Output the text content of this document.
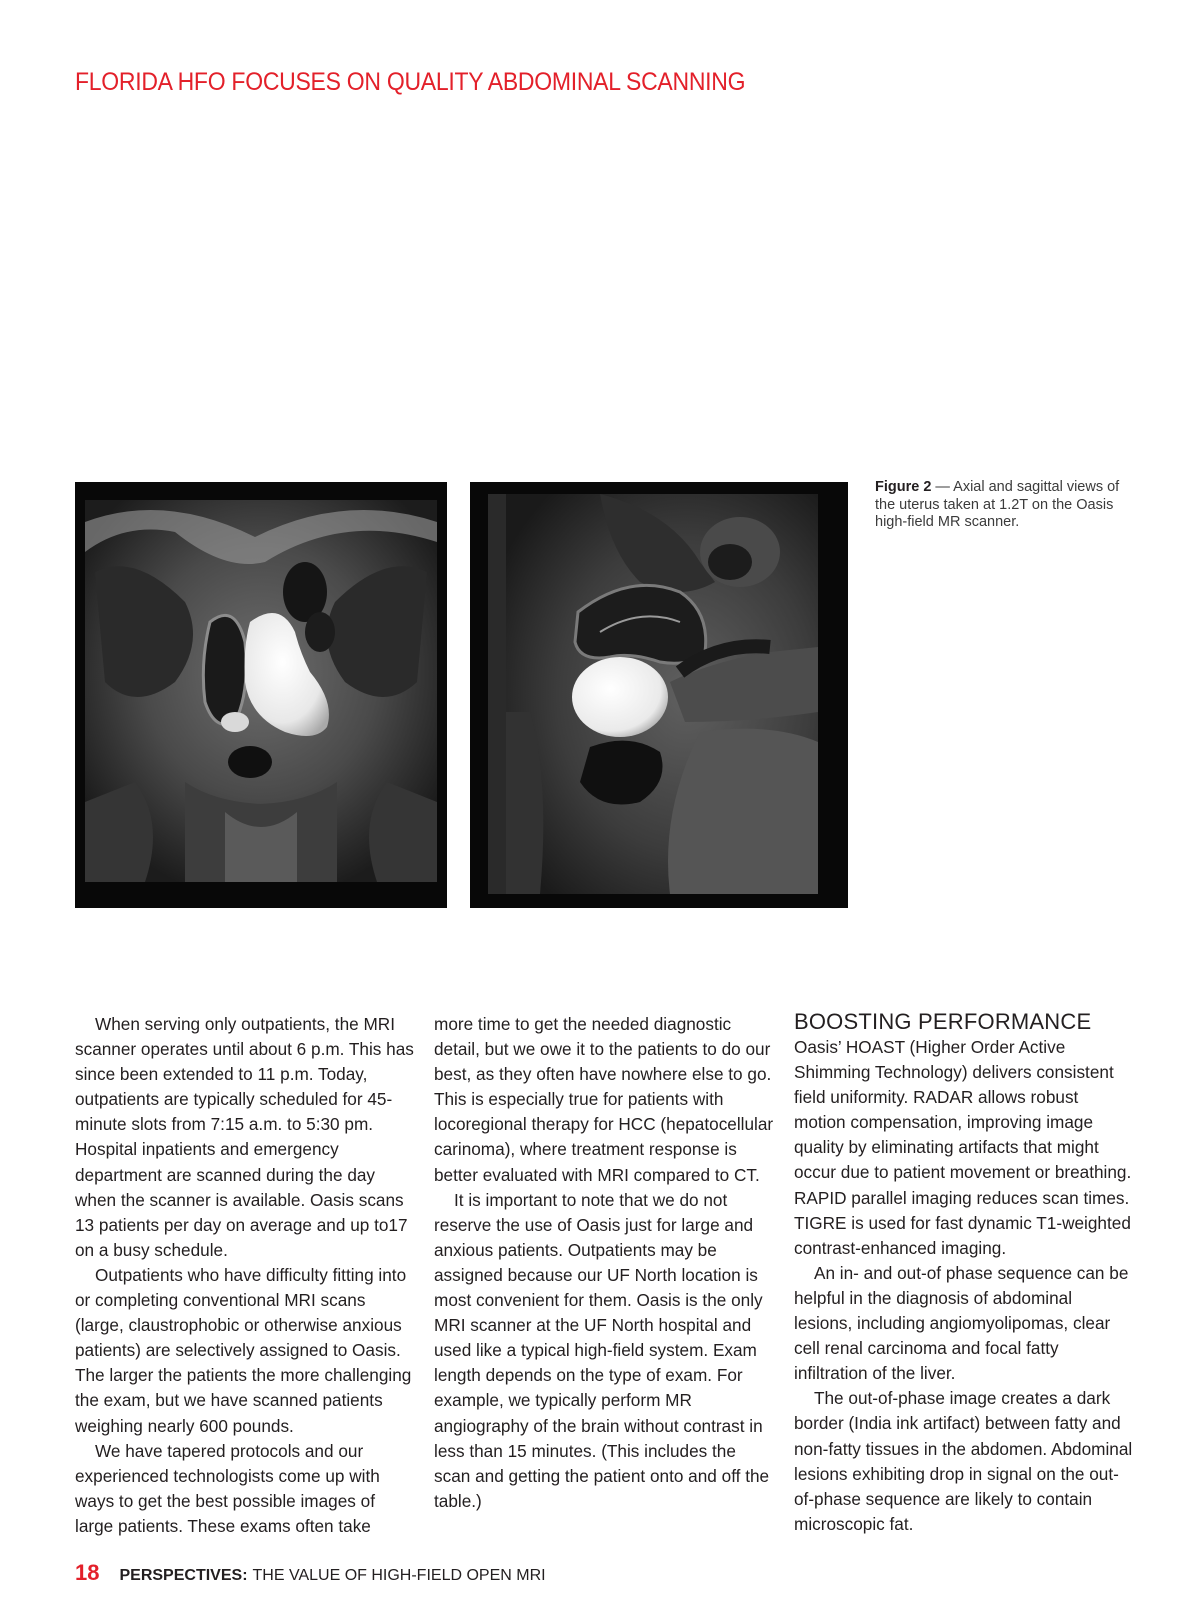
FLORIDA HFO FOCUSES ON QUALITY ABDOMINAL SCANNING

Figure 2 — Axial and sagittal views of the uterus taken at 1.2T on the Oasis high-field MR scanner.

When serving only outpatients, the MRI scanner operates until about 6 p.m. This has since been extended to 11 p.m. Today, outpatients are typically scheduled for 45-minute slots from 7:15 a.m. to 5:30 pm. Hospital inpatients and emergency department are scanned during the day when the scanner is available. Oasis scans 13 patients per day on average and up to17 on a busy schedule.

Outpatients who have difficulty fitting into or completing conventional MRI scans (large, claustrophobic or otherwise anxious patients) are selectively assigned to Oasis. The larger the patients the more challenging the exam, but we have scanned patients weighing nearly 600 pounds.

We have tapered protocols and our experienced technologists come up with ways to get the best possible images of large patients. These exams often take

more time to get the needed diagnostic detail, but we owe it to the patients to do our best, as they often have nowhere else to go. This is especially true for patients with locoregional therapy for HCC (hepatocellular carinoma), where treatment response is better evaluated with MRI compared to CT.

It is important to note that we do not reserve the use of Oasis just for large and anxious patients. Outpatients may be assigned because our UF North location is most convenient for them. Oasis is the only MRI scanner at the UF North hospital and used like a typical high-field system. Exam length depends on the type of exam. For example, we typically perform MR angiography of the brain without contrast in less than 15 minutes. (This includes the scan and getting the patient onto and off the table.)

BOOSTING PERFORMANCE

Oasis’ HOAST (Higher Order Active Shimming Technology) delivers consistent field uniformity. RADAR allows robust motion compensation, improving image quality by eliminating artifacts that might occur due to patient movement or breathing. RAPID parallel imaging reduces scan times. TIGRE is used for fast dynamic T1-weighted contrast-enhanced imaging.

An in- and out-of phase sequence can be helpful in the diagnosis of abdominal lesions, including angiomyolipomas, clear cell renal carcinoma and focal fatty infiltration of the liver.

The out-of-phase image creates a dark border (India ink artifact) between fatty and non-fatty tissues in the abdomen. Abdominal lesions exhibiting drop in signal on the out-of-phase sequence are likely to contain microscopic fat.

18 PERSPECTIVES: THE VALUE OF HIGH-FIELD OPEN MRI
